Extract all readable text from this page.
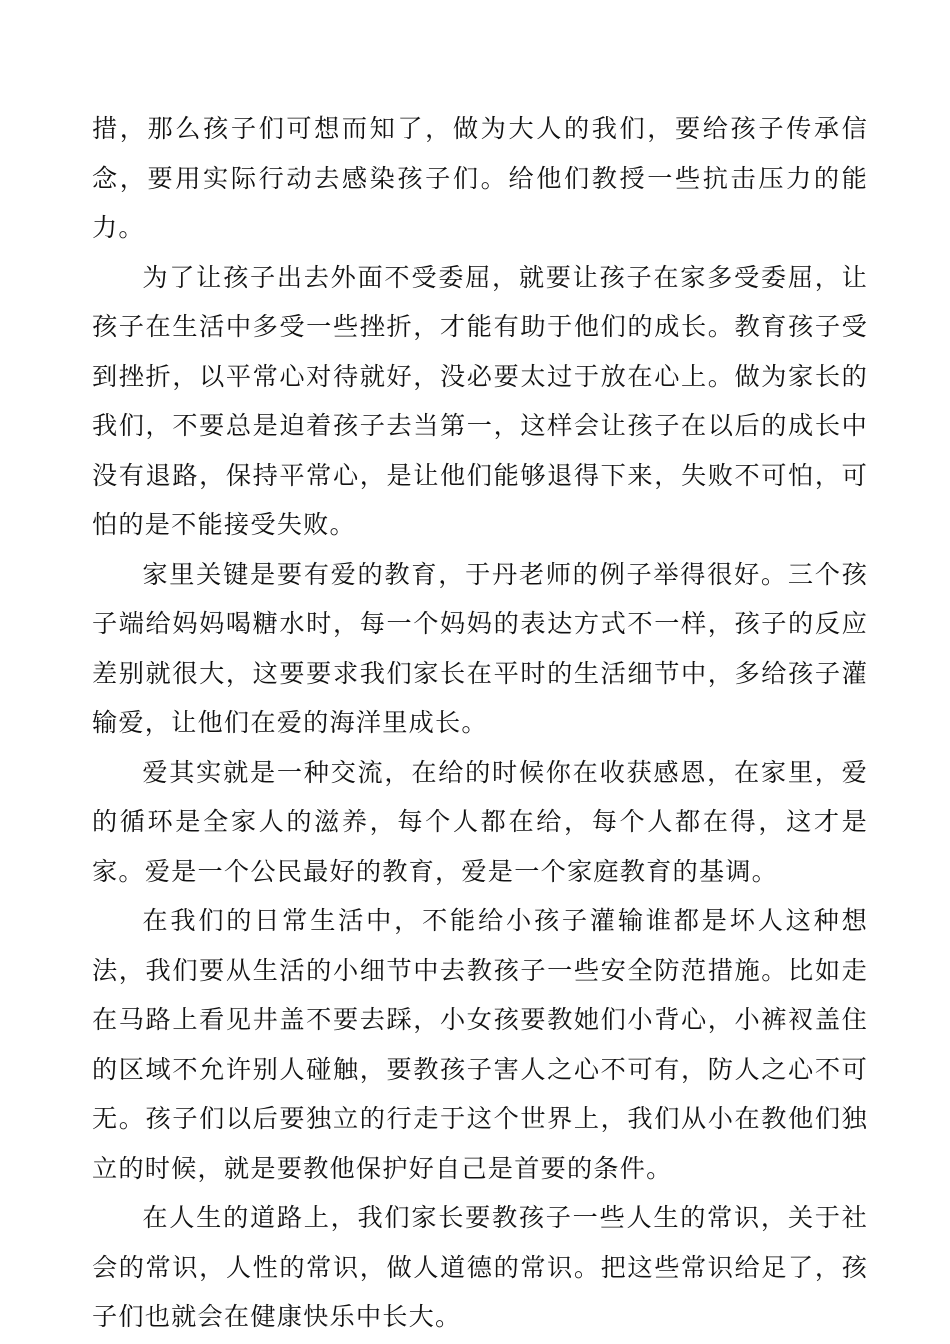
措，那么孩子们可想而知了，做为大人的我们，要给孩子传承信念，要用实际行动去感染孩子们。给他们教授一些抗击压力的能力。

为了让孩子出去外面不受委屈，就要让孩子在家多受委屈，让孩子在生活中多受一些挫折，才能有助于他们的成长。教育孩子受到挫折，以平常心对待就好，没必要太过于放在心上。做为家长的我们，不要总是迫着孩子去当第一，这样会让孩子在以后的成长中没有退路，保持平常心，是让他们能够退得下来，失败不可怕，可怕的是不能接受失败。

家里关键是要有爱的教育，于丹老师的例子举得很好。三个孩子端给妈妈喝糖水时，每一个妈妈的表达方式不一样，孩子的反应差别就很大，这要要求我们家长在平时的生活细节中，多给孩子灌输爱，让他们在爱的海洋里成长。

爱其实就是一种交流，在给的时候你在收获感恩，在家里，爱的循环是全家人的滋养，每个人都在给，每个人都在得，这才是家。爱是一个公民最好的教育，爱是一个家庭教育的基调。

在我们的日常生活中，不能给小孩子灌输谁都是坏人这种想法，我们要从生活的小细节中去教孩子一些安全防范措施。比如走在马路上看见井盖不要去踩，小女孩要教她们小背心，小裤衩盖住的区域不允许别人碰触，要教孩子害人之心不可有，防人之心不可无。孩子们以后要独立的行走于这个世界上，我们从小在教他们独立的时候，就是要教他保护好自己是首要的条件。

在人生的道路上，我们家长要教孩子一些人生的常识，关于社会的常识，人性的常识，做人道德的常识。把这些常识给足了，孩子们也就会在健康快乐中长大。
